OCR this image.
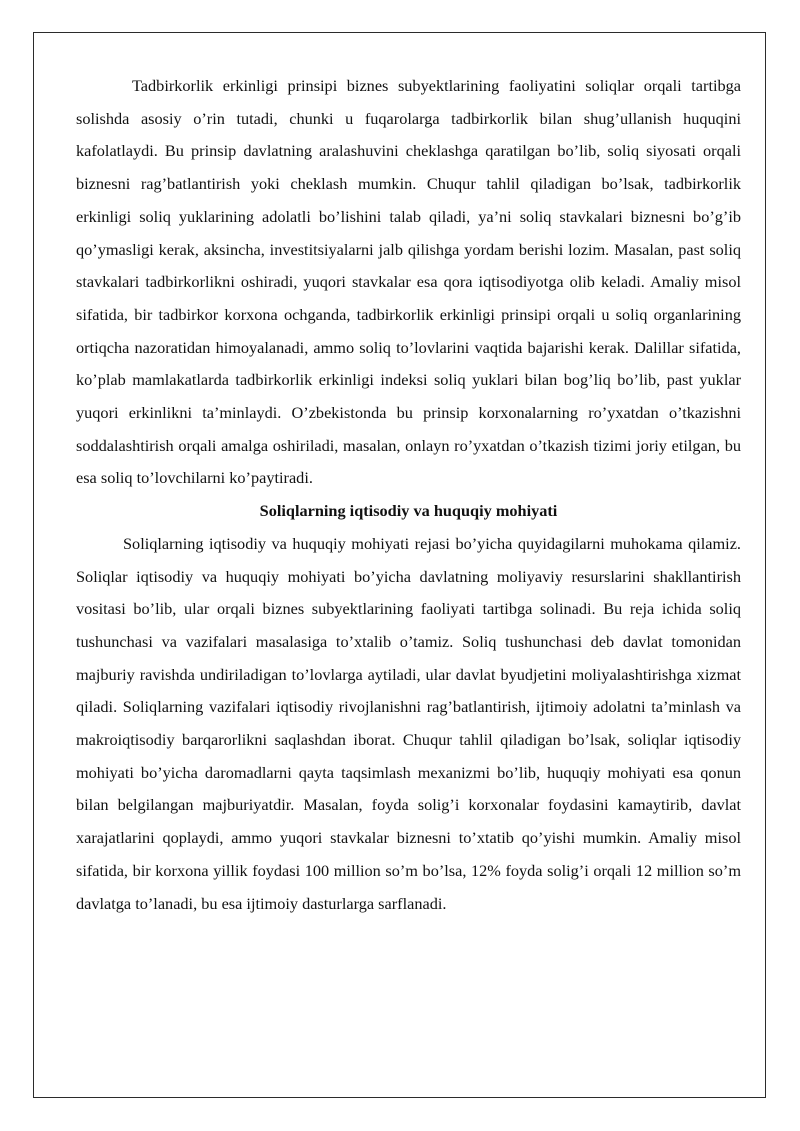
Tadbirkorlik erkinligi prinsipi biznes subyektlarining faoliyatini soliqlar orqali tartibga solishda asosiy o’rin tutadi, chunki u fuqarolarga tadbirkorlik bilan shug’ullanish huquqini kafolatlaydi. Bu prinsip davlatning aralashuvini cheklashga qaratilgan bo’lib, soliq siyosati orqali biznesni rag’batlantirish yoki cheklash mumkin. Chuqur tahlil qiladigan bo’lsak, tadbirkorlik erkinligi soliq yuklarining adolatli bo’lishini talab qiladi, ya’ni soliq stavkalari biznesni bo’g’ib qo’ymasligi kerak, aksincha, investitsiyalarni jalb qilishga yordam berishi lozim. Masalan, past soliq stavkalari tadbirkorlikni oshiradi, yuqori stavkalar esa qora iqtisodiyotga olib keladi. Amaliy misol sifatida, bir tadbirkor korxona ochganda, tadbirkorlik erkinligi prinsipi orqali u soliq organlarining ortiqcha nazoratidan himoyalanadi, ammo soliq to’lovlarini vaqtida bajarishi kerak. Dalillar sifatida, ko’plab mamlakatlarda tadbirkorlik erkinligi indeksi soliq yuklari bilan bog’liq bo’lib, past yuklar yuqori erkinlikni ta’minlaydi. O’zbekistonda bu prinsip korxonalarning ro’yxatdan o’tkazishni soddalashtirish orqali amalga oshiriladi, masalan, onlayn ro’yxatdan o’tkazish tizimi joriy etilgan, bu esa soliq to’lovchilarni ko’paytiradi.

Soliqlarning iqtisodiy va huquqiy mohiyati

Soliqlarning iqtisodiy va huquqiy mohiyati rejasi bo’yicha quyidagilarni muhokama qilamiz. Soliqlar iqtisodiy va huquqiy mohiyati bo’yicha davlatning moliyaviy resurslarini shakllantirish vositasi bo’lib, ular orqali biznes subyektlarining faoliyati tartibga solinadi. Bu reja ichida soliq tushunchasi va vazifalari masalasiga to’xtalib o’tamiz. Soliq tushunchasi deb davlat tomonidan majburiy ravishda undiriladigan to’lovlarga aytiladi, ular davlat byudjetini moliyalashtirishga xizmat qiladi. Soliqlarning vazifalari iqtisodiy rivojlanishni rag’batlantirish, ijtimoiy adolatni ta’minlash va makroiqtisodiy barqarorlikni saqlashdan iborat. Chuqur tahlil qiladigan bo’lsak, soliqlar iqtisodiy mohiyati bo’yicha daromadlarni qayta taqsimlash mexanizmi bo’lib, huquqiy mohiyati esa qonun bilan belgilangan majburiyatdir. Masalan, foyda solig’i korxonalar foydasini kamaytirib, davlat xarajatlarini qoplaydi, ammo yuqori stavkalar biznesni to’xtatib qo’yishi mumkin. Amaliy misol sifatida, bir korxona yillik foydasi 100 million so’m bo’lsa, 12% foyda solig’i orqali 12 million so’m davlatga to’lanadi, bu esa ijtimoiy dasturlarga sarflanadi.
